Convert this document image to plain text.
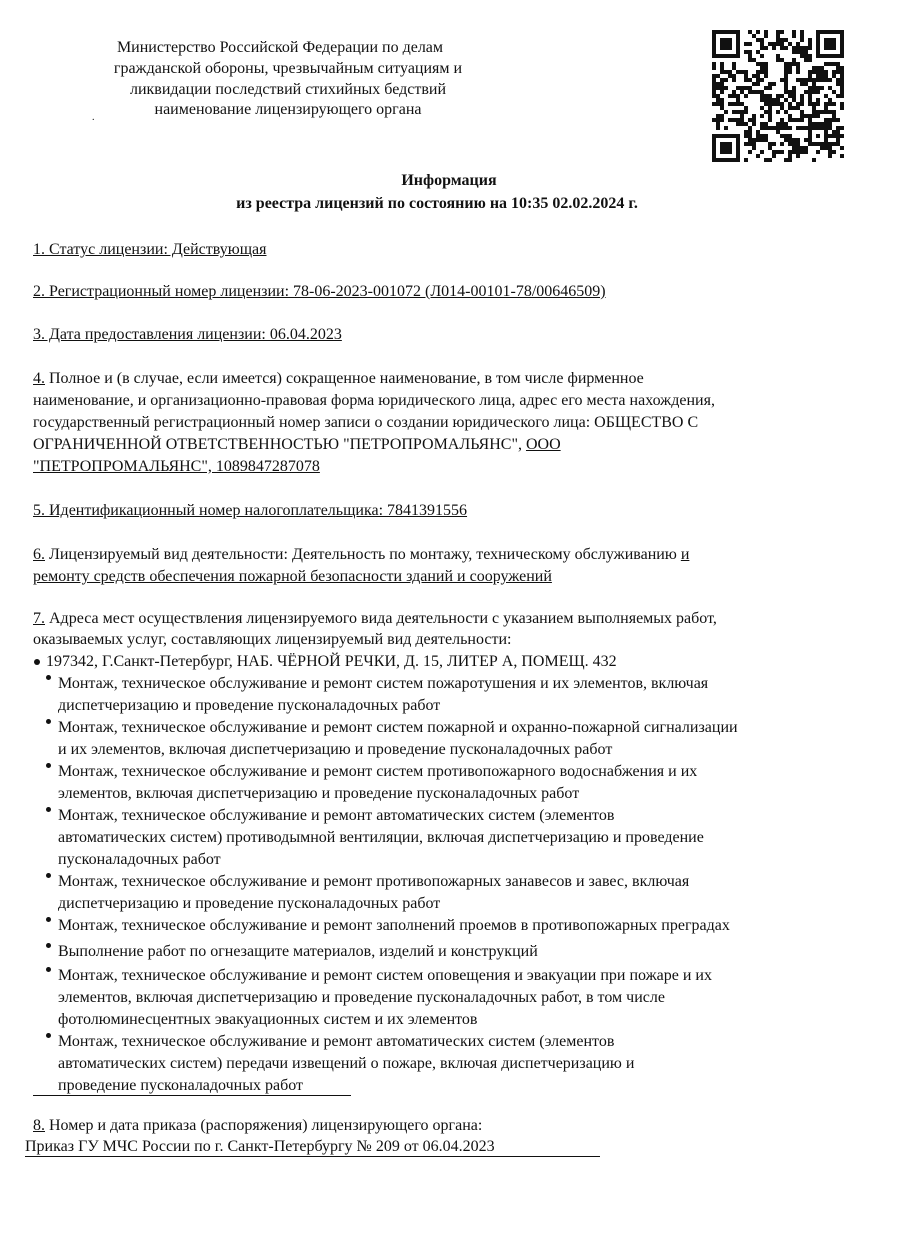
Министерство Российской Федерации по делам
гражданской обороны, чрезвычайным ситуациям и
ликвидации последствий стихийных бедствий
наименование лицензирующего органа
.
Информация
из реестра лицензий по состоянию на 10:35 02.02.2024 г.
1. Статус лицензии: Действующая
2. Регистрационный номер лицензии: 78-06-2023-001072 (Л014-00101-78/00646509)
3. Дата предоставления лицензии: 06.04.2023
4. Полное и (в случае, если имеется) сокращенное наименование, в том числе фирменное
наименование, и организационно-правовая форма юридического лица, адрес его места нахождения,
государственный регистрационный номер записи о создании юридического лица: ОБЩЕСТВО С
ОГРАНИЧЕННОЙ ОТВЕТСТВЕННОСТЬЮ "ПЕТРОПРОМАЛЬЯНС", ООО
"ПЕТРОПРОМАЛЬЯНС", 1089847287078
5. Идентификационный номер налогоплательщика: 7841391556
6. Лицензируемый вид деятельности: Деятельность по монтажу, техническому обслуживанию и
ремонту средств обеспечения пожарной безопасности зданий и сооружений
7. Адреса мест осуществления лицензируемого вида деятельности с указанием выполняемых работ,
оказываемых услуг, составляющих лицензируемый вид деятельности:
197342, Г.Санкт-Петербург, НАБ. ЧЁРНОЙ РЕЧКИ, Д. 15, ЛИТЕР А, ПОМЕЩ. 432
Монтаж, техническое обслуживание и ремонт систем пожаротушения и их элементов, включая
диспетчеризацию и проведение пусконаладочных работ
Монтаж, техническое обслуживание и ремонт систем пожарной и охранно-пожарной сигнализации
и их элементов, включая диспетчеризацию и проведение пусконаладочных работ
Монтаж, техническое обслуживание и ремонт систем противопожарного водоснабжения и их
элементов, включая диспетчеризацию и проведение пусконаладочных работ
Монтаж, техническое обслуживание и ремонт автоматических систем (элементов
автоматических систем) противодымной вентиляции, включая диспетчеризацию и проведение
пусконаладочных работ
Монтаж, техническое обслуживание и ремонт противопожарных занавесов и завес, включая
диспетчеризацию и проведение пусконаладочных работ
Монтаж, техническое обслуживание и ремонт заполнений проемов в противопожарных преградах
Выполнение работ по огнезащите материалов, изделий и конструкций
Монтаж, техническое обслуживание и ремонт систем оповещения и эвакуации при пожаре и их
элементов, включая диспетчеризацию и проведение пусконаладочных работ, в том числе
фотолюминесцентных эвакуационных систем и их элементов
Монтаж, техническое обслуживание и ремонт автоматических систем (элементов
автоматических систем) передачи извещений о пожаре, включая диспетчеризацию и
проведение пусконаладочных работ
8. Номер и дата приказа (распоряжения) лицензирующего органа:
Приказ ГУ МЧС России по г. Санкт-Петербургу № 209 от 06.04.2023
